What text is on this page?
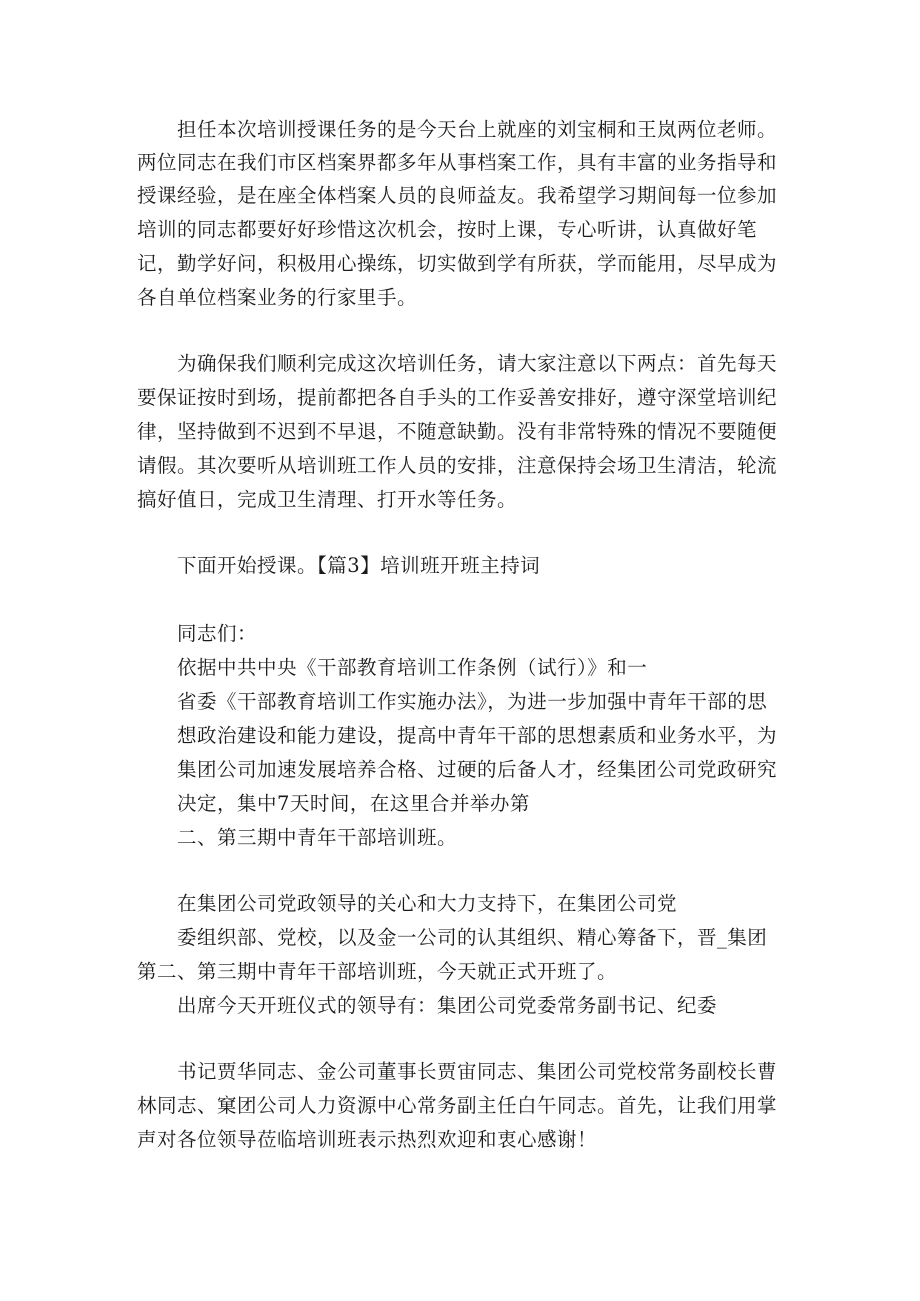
担任本次培训授课任务的是今天台上就座的刘宝桐和王岚两位老师。
两位同志在我们市区档案界都多年从事档案工作，具有丰富的业务指导和
授课经验，是在座全体档案人员的良师益友。我希望学习期间每一位参加
培训的同志都要好好珍惜这次机会，按时上课，专心听讲，认真做好笔
记，勤学好问，积极用心操练，切实做到学有所获，学而能用，尽早成为
各自单位档案业务的行家里手。
为确保我们顺利完成这次培训任务，请大家注意以下两点：首先每天
要保证按时到场，提前都把各自手头的工作妥善安排好，遵守深堂培训纪
律，坚持做到不迟到不早退，不随意缺勤。没有非常特殊的情况不要随便
请假。其次要听从培训班工作人员的安排，注意保持会场卫生清洁，轮流
搞好值日，完成卫生清理、打开水等任务。
下面开始授课。【篇3】培训班开班主持词
同志们：
依据中共中央《干部教育培训工作条例（试行）》和一
省委《干部教育培训工作实施办法》，为进一步加强中青年干部的思
想政治建设和能力建设，提高中青年干部的思想素质和业务水平，为
集团公司加速发展培养合格、过硬的后备人才，经集团公司党政研究
决定，集中7天时间，在这里合并举办第
二、第三期中青年干部培训班。
在集团公司党政领导的关心和大力支持下，在集团公司党
委组织部、党校，以及金一公司的认其组织、精心筹备下，晋_集团
第二、第三期中青年干部培训班，今天就正式开班了。
出席今天开班仪式的领导有：集团公司党委常务副书记、纪委
书记贾华同志、金公司董事长贾宙同志、集团公司党校常务副校长曹
林同志、窠团公司人力资源中心常务副主任白午同志。首先，让我们用掌
声对各位领导莅临培训班表示热烈欢迎和衷心感谢！
